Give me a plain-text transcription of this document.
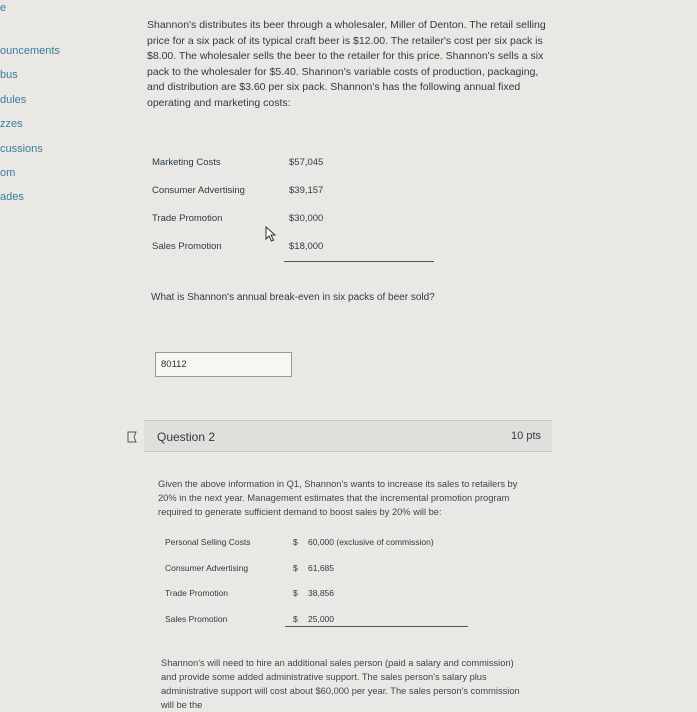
e
ouncements
bus
dules
zzes
cussions
om
ades

Shannon's distributes its beer through a wholesaler, Miller of Denton. The retail selling price for a six pack of its typical craft beer is $12.00. The retailer's cost per six pack is $8.00. The wholesaler sells the beer to the retailer for this price. Shannon's sells a six pack to the wholesaler for $5.40. Shannon's variable costs of production, packaging, and distribution are $3.60 per six pack. Shannon's has the following annual fixed operating and marketing costs:

Marketing Costs	$57,045
Consumer Advertising	$39,157
Trade Promotion	$30,000
Sales Promotion	$18,000
What is Shannon's annual break-even in six packs of beer sold?
80112
Question 2	10 pts

Given the above information in Q1, Shannon's wants to increase its sales to retailers by 20% in the next year. Management estimates that the incremental promotion program required to generate sufficient demand to boost sales by 20% will be:

Personal Selling Costs	$ 60,000 (exclusive of commission)
Consumer Advertising	$ 61,685
Trade Promotion	$ 38,856
Sales Promotion	$ 25,000

Shannon's will need to hire an additional sales person (paid a salary and commission) and provide some added administrative support. The sales person's salary plus administrative support will cost about $60,000 per year. The sales person's commission will be the
